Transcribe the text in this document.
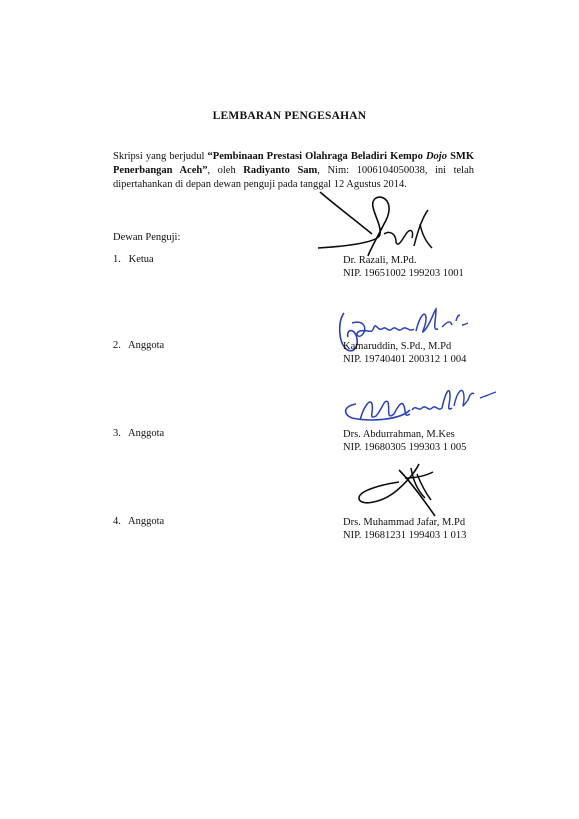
LEMBARAN PENGESAHAN
Skripsi yang berjudul “Pembinaan Prestasi Olahraga Beladiri Kempo Dojo SMK Penerbangan Aceh”, oleh Radiyanto Sam, Nim: 1006104050038, ini telah dipertahankan di depan dewan penguji pada tanggal 12 Agustus 2014.
Dewan Penguji:
1. Ketua	Dr. Razali, M.Pd.
NIP. 19651002 199203 1001
2. Anggota	Kamaruddin, S.Pd., M.Pd
NIP. 19740401 200312 1 004
3. Anggota	Drs. Abdurrahman, M.Kes
NIP. 19680305 199303 1 005
4. Anggota	Drs. Muhammad Jafar, M.Pd
NIP. 19681231 199403 1 013
